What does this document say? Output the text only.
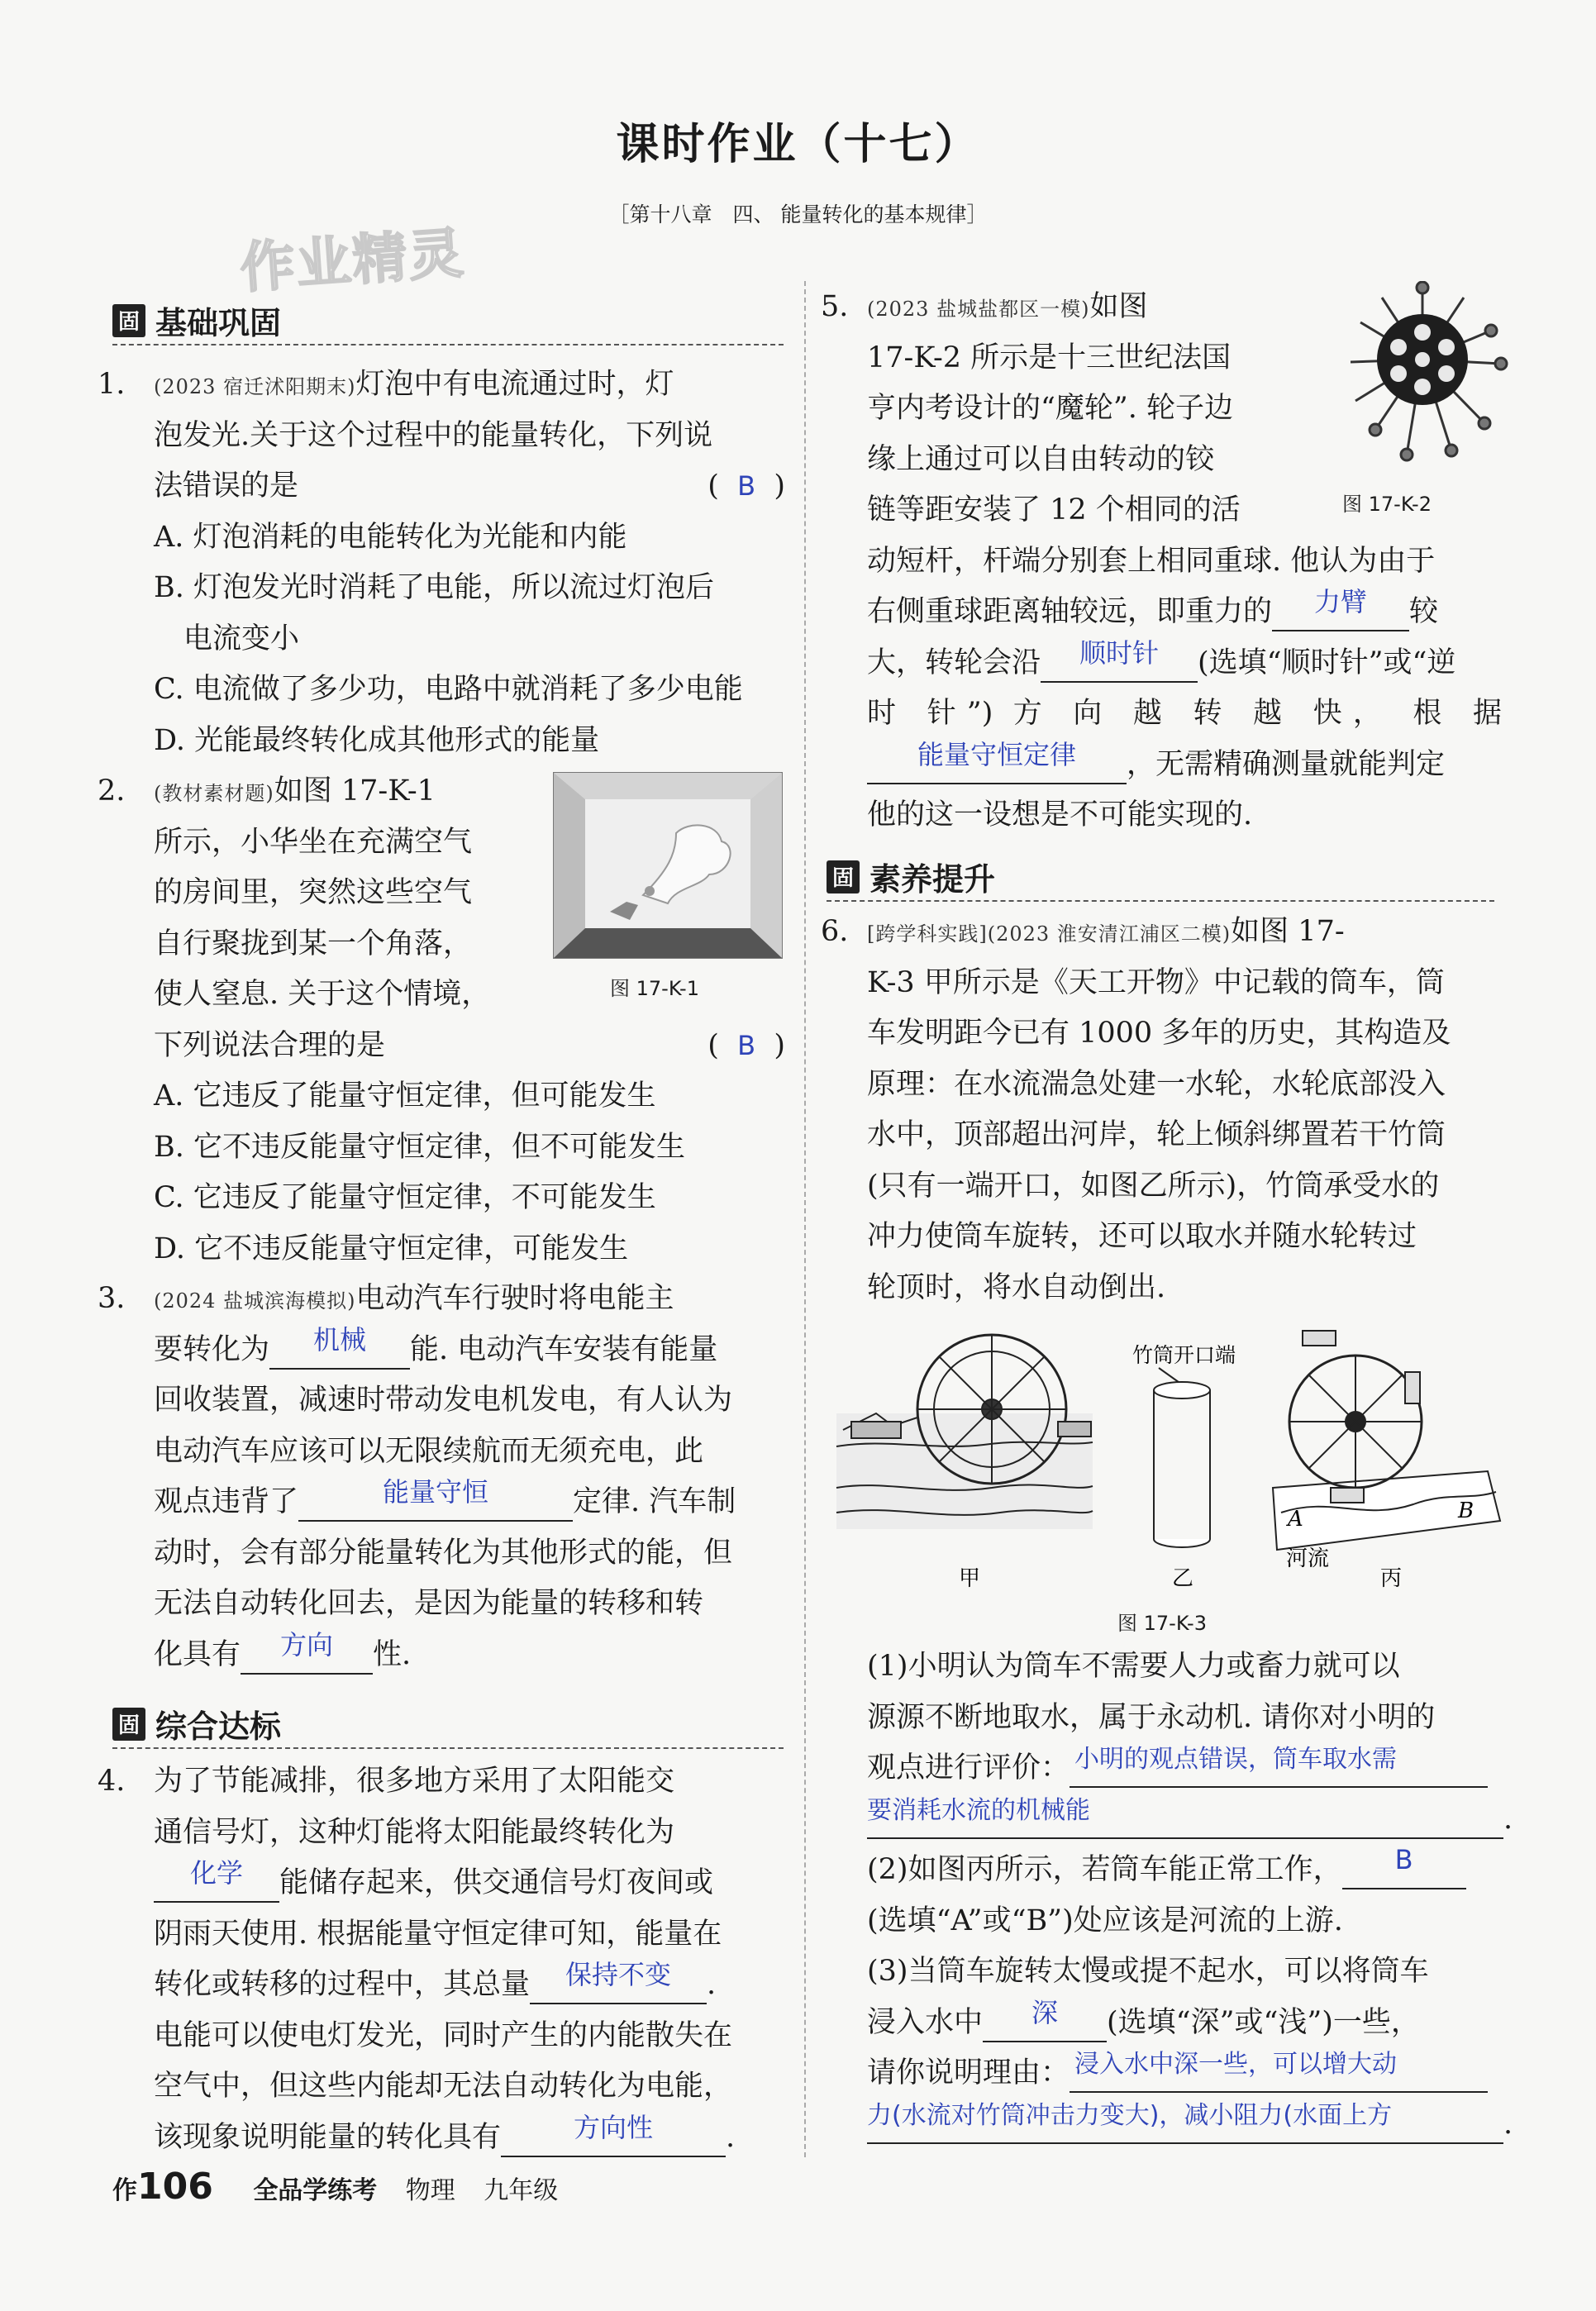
课时作业（十七）
［第十八章　四、 能量转化的基本规律］
作业精灵
固 基础巩固
1. (2023 宿迁沭阳期末)灯泡中有电流通过时，灯
泡发光.关于这个过程中的能量转化，下列说
法错误的是	(  B  )
A. 灯泡消耗的电能转化为光能和内能
B. 灯泡发光时消耗了电能，所以流过灯泡后
电流变小
C. 电流做了多少功，电路中就消耗了多少电能
D. 光能最终转化成其他形式的能量
2. (教材素材题)如图 17-K-1
所示，小华坐在充满空气
的房间里，突然这些空气
自行聚拢到某一个角落，
使人窒息. 关于这个情境，
下列说法合理的是	(  B  )
A. 它违反了能量守恒定律，但可能发生
B. 它不违反能量守恒定律，但不可能发生
C. 它违反了能量守恒定律，不可能发生
D. 它不违反能量守恒定律，可能发生
图 17-K-1
3. (2024 盐城滨海模拟)电动汽车行驶时将电能主
要转化为 机械 能. 电动汽车安装有能量
回收装置，减速时带动发电机发电，有人认为
电动汽车应该可以无限续航而无须充电，此
观点违背了	能量守恒	定律. 汽车制
动时，会有部分能量转化为其他形式的能，但
无法自动转化回去，是因为能量的转移和转
化具有 方向 性.
固 综合达标
4. 为了节能减排，很多地方采用了太阳能交
通信号灯，这种灯能将太阳能最终转化为
化学 能储存起来，供交通信号灯夜间或
阴雨天使用. 根据能量守恒定律可知，能量在
转化或转移的过程中，其总量 保持不变 .
电能可以使电灯发光，同时产生的内能散失在
空气中，但这些内能却无法自动转化为电能，
该现象说明能量的转化具有	方向性	.
5. (2023 盐城盐都区一模)如图
17-K-2 所示是十三世纪法国
亨内考设计的“魔轮”. 轮子边
缘上通过可以自由转动的铰
链等距安装了 12 个相同的活
动短杆，杆端分别套上相同重球. 他认为由于
右侧重球距离轴较远，即重力的 力臂 较
大，转轮会沿 顺时针 (选填“顺时针”或“逆
时 针”) 方 向 越 转 越 快， 根 据
能量守恒定律 ，无需精确测量就能判定
他的这一设想是不可能实现的.
图 17-K-2
固 素养提升
6. [跨学科实践](2023 淮安清江浦区二模)如图 17-
K-3 甲所示是《天工开物》中记载的筒车，筒
车发明距今已有 1000 多年的历史，其构造及
原理：在水流湍急处建一水轮，水轮底部没入
水中，顶部超出河岸，轮上倾斜绑置若干竹筒
(只有一端开口，如图乙所示)，竹筒承受水的
冲力使筒车旋转，还可以取水并随水轮转过
轮顶时，将水自动倒出.
竹筒开口端
A	B
河流
甲	乙	丙
图 17-K-3
(1)小明认为筒车不需要人力或畜力就可以
源源不断地取水，属于永动机. 请你对小明的
观点进行评价： 小明的观点错误，筒车取水需
要消耗水流的机械能	.
(2)如图丙所示，若筒车能正常工作， B
(选填“A”或“B”)处应该是河流的上游.
(3)当筒车旋转太慢或提不起水，可以将筒车
浸入水中 深 (选填“深”或“浅”)一些，
请你说明理由： 浸入水中深一些，可以增大动
力(水流对竹筒冲击力变大)，减小阻力(水面上方	.
作106 全品学练考 物理 九年级
